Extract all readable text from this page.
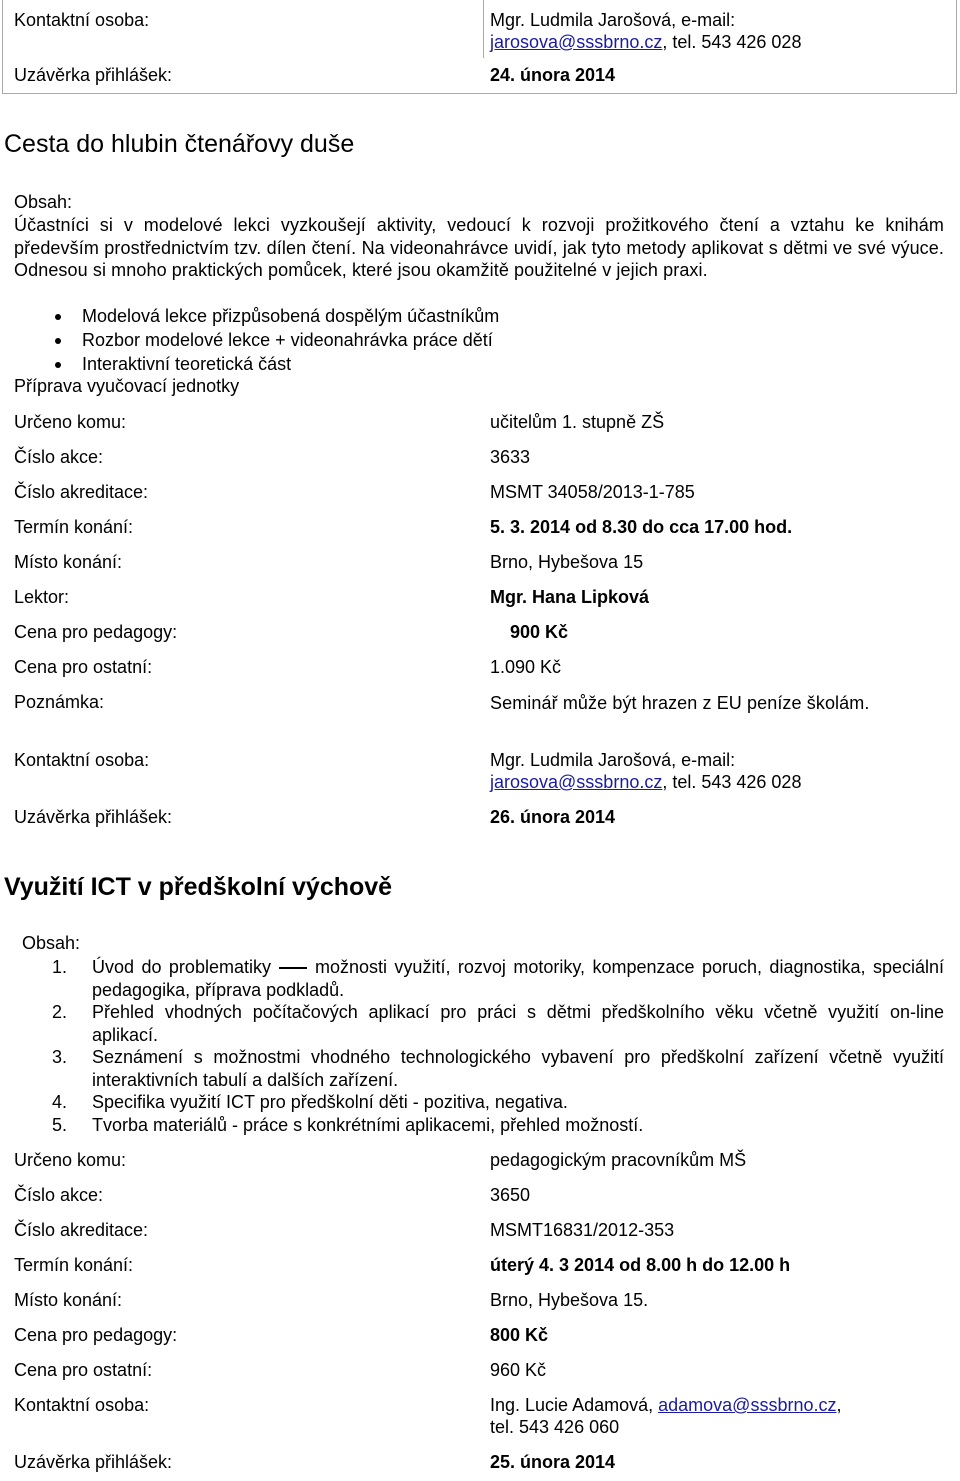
Kontaktní osoba:	Mgr. Ludmila Jarošová, e-mail:
jarosova@sssbrno.cz, tel. 543 426 028
Uzávěrka přihlášek:	24. února 2014
Cesta do hlubin čtenářovy duše
Obsah:
Účastníci si v modelové lekci vyzkoušejí aktivity, vedoucí k rozvoji prožitkového čtení a vztahu ke knihám především prostřednictvím tzv. dílen čtení. Na videonahrávce uvidí, jak tyto metody aplikovat s dětmi ve své výuce. Odnesou si mnoho praktických pomůcek, které jsou okamžitě použitelné v jejich praxi.
Modelová lekce přizpůsobená dospělým účastníkům
Rozbor modelové lekce + videonahrávka práce dětí
Interaktivní teoretická část
Příprava vyučovací jednotky
Určeno komu:	učitelům 1. stupně ZŠ
Číslo akce:	3633
Číslo akreditace:	MSMT 34058/2013-1-785
Termín konání:	5. 3. 2014 od 8.30 do cca 17.00 hod.
Místo konání:	Brno, Hybešova 15
Lektor:	Mgr. Hana Lipková
Cena pro pedagogy:	900 Kč
Cena pro ostatní:	1.090 Kč
Poznámka:	Seminář může být hrazen z EU peníze školám.
Kontaktní osoba:	Mgr. Ludmila Jarošová, e-mail:
jarosova@sssbrno.cz, tel. 543 426 028
Uzávěrka přihlášek:	26. února 2014
Využití ICT v předškolní výchově
Obsah:
1. Úvod do problematiky možnosti využití, rozvoj motoriky, kompenzace poruch, diagnostika, speciální pedagogika, příprava podkladů.
2. Přehled vhodných počítačových aplikací pro práci s dětmi předškolního věku včetně využití on-line aplikací.
3. Seznámení s možnostmi vhodného technologického vybavení pro předškolní zařízení včetně využití interaktivních tabulí a dalších zařízení.
4. Specifika využití ICT pro předškolní děti - pozitiva, negativa.
5. Tvorba materiálů - práce s konkrétními aplikacemi, přehled možností.
Určeno komu:	pedagogickým pracovníkům MŠ
Číslo akce:	3650
Číslo akreditace:	MSMT16831/2012-353
Termín konání:	úterý 4. 3 2014 od 8.00 h do 12.00 h
Místo konání:	Brno, Hybešova 15.
Cena pro pedagogy:	800 Kč
Cena pro ostatní:	960 Kč
Kontaktní osoba:	Ing. Lucie Adamová, adamova@sssbrno.cz,
tel. 543 426 060
Uzávěrka přihlášek:	25. února 2014
